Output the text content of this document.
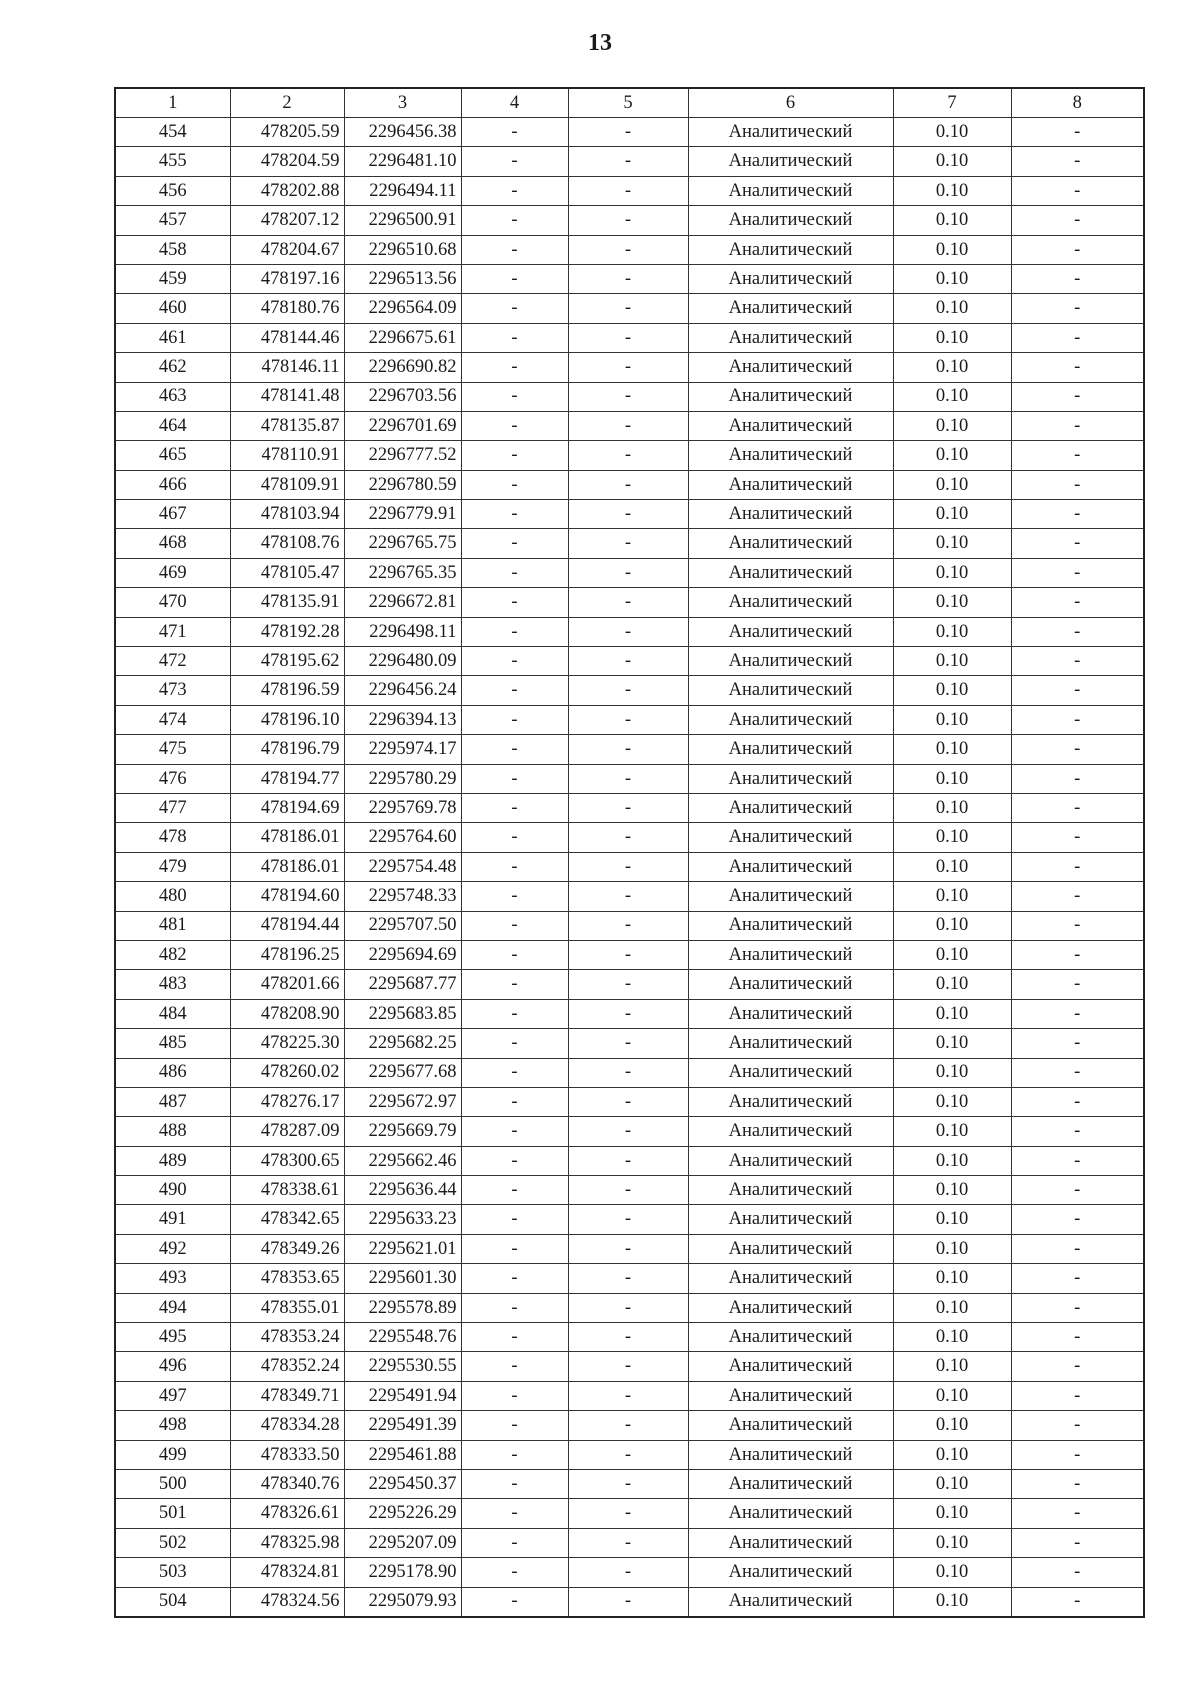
13
1	2	3	4	5	6	7	8
454	478205.59	2296456.38	-	-	Аналитический	0.10	-
455	478204.59	2296481.10	-	-	Аналитический	0.10	-
456	478202.88	2296494.11	-	-	Аналитический	0.10	-
457	478207.12	2296500.91	-	-	Аналитический	0.10	-
458	478204.67	2296510.68	-	-	Аналитический	0.10	-
459	478197.16	2296513.56	-	-	Аналитический	0.10	-
460	478180.76	2296564.09	-	-	Аналитический	0.10	-
461	478144.46	2296675.61	-	-	Аналитический	0.10	-
462	478146.11	2296690.82	-	-	Аналитический	0.10	-
463	478141.48	2296703.56	-	-	Аналитический	0.10	-
464	478135.87	2296701.69	-	-	Аналитический	0.10	-
465	478110.91	2296777.52	-	-	Аналитический	0.10	-
466	478109.91	2296780.59	-	-	Аналитический	0.10	-
467	478103.94	2296779.91	-	-	Аналитический	0.10	-
468	478108.76	2296765.75	-	-	Аналитический	0.10	-
469	478105.47	2296765.35	-	-	Аналитический	0.10	-
470	478135.91	2296672.81	-	-	Аналитический	0.10	-
471	478192.28	2296498.11	-	-	Аналитический	0.10	-
472	478195.62	2296480.09	-	-	Аналитический	0.10	-
473	478196.59	2296456.24	-	-	Аналитический	0.10	-
474	478196.10	2296394.13	-	-	Аналитический	0.10	-
475	478196.79	2295974.17	-	-	Аналитический	0.10	-
476	478194.77	2295780.29	-	-	Аналитический	0.10	-
477	478194.69	2295769.78	-	-	Аналитический	0.10	-
478	478186.01	2295764.60	-	-	Аналитический	0.10	-
479	478186.01	2295754.48	-	-	Аналитический	0.10	-
480	478194.60	2295748.33	-	-	Аналитический	0.10	-
481	478194.44	2295707.50	-	-	Аналитический	0.10	-
482	478196.25	2295694.69	-	-	Аналитический	0.10	-
483	478201.66	2295687.77	-	-	Аналитический	0.10	-
484	478208.90	2295683.85	-	-	Аналитический	0.10	-
485	478225.30	2295682.25	-	-	Аналитический	0.10	-
486	478260.02	2295677.68	-	-	Аналитический	0.10	-
487	478276.17	2295672.97	-	-	Аналитический	0.10	-
488	478287.09	2295669.79	-	-	Аналитический	0.10	-
489	478300.65	2295662.46	-	-	Аналитический	0.10	-
490	478338.61	2295636.44	-	-	Аналитический	0.10	-
491	478342.65	2295633.23	-	-	Аналитический	0.10	-
492	478349.26	2295621.01	-	-	Аналитический	0.10	-
493	478353.65	2295601.30	-	-	Аналитический	0.10	-
494	478355.01	2295578.89	-	-	Аналитический	0.10	-
495	478353.24	2295548.76	-	-	Аналитический	0.10	-
496	478352.24	2295530.55	-	-	Аналитический	0.10	-
497	478349.71	2295491.94	-	-	Аналитический	0.10	-
498	478334.28	2295491.39	-	-	Аналитический	0.10	-
499	478333.50	2295461.88	-	-	Аналитический	0.10	-
500	478340.76	2295450.37	-	-	Аналитический	0.10	-
501	478326.61	2295226.29	-	-	Аналитический	0.10	-
502	478325.98	2295207.09	-	-	Аналитический	0.10	-
503	478324.81	2295178.90	-	-	Аналитический	0.10	-
504	478324.56	2295079.93	-	-	Аналитический	0.10	-
